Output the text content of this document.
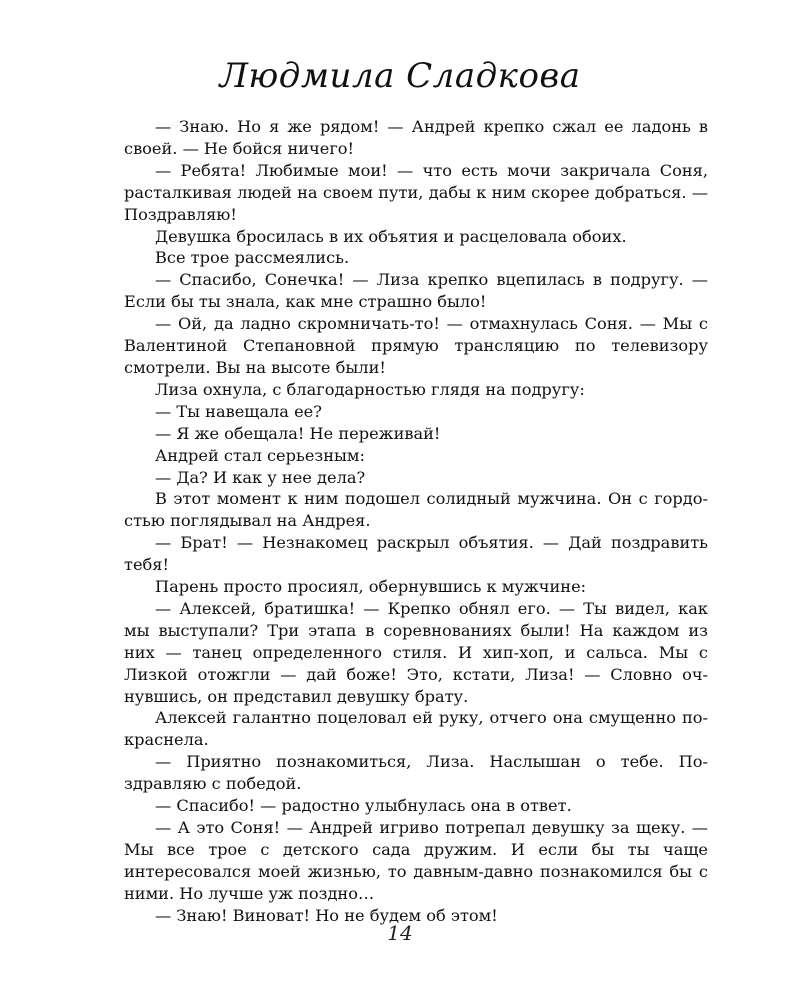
Людмила Сладкова

— Знаю. Но я же рядом! — Андрей крепко сжал ее ладонь в своей. — Не бойся ничего!

— Ребята! Любимые мои! — что есть мочи закричала Соня, расталкивая людей на своем пути, дабы к ним скорее добраться. — Поздравляю!

Девушка бросилась в их объятия и расцеловала обоих.

Все трое рассмеялись.

— Спасибо, Сонечка! — Лиза крепко вцепилась в подругу. — Если бы ты знала, как мне страшно было!

— Ой, да ладно скромничать-то! — отмахнулась Соня. — Мы с Валентиной Степановной прямую трансляцию по телевизору смотрели. Вы на высоте были!

Лиза охнула, с благодарностью глядя на подругу:

— Ты навещала ее?

— Я же обещала! Не переживай!

Андрей стал серьезным:

— Да? И как у нее дела?

В этот момент к ним подошел солидный мужчина. Он с гордостью поглядывал на Андрея.

— Брат! — Незнакомец раскрыл объятия. — Дай поздравить тебя!

Парень просто просиял, обернувшись к мужчине:

— Алексей, братишка! — Крепко обнял его. — Ты видел, как мы выступали? Три этапа в соревнованиях были! На каждом из них — танец определенного стиля. И хип-хоп, и сальса. Мы с Лизкой отожгли — дай боже! Это, кстати, Лиза! — Словно очнувшись, он представил девушку брату.

Алексей галантно поцеловал ей руку, отчего она смущенно покраснела.

— Приятно познакомиться, Лиза. Наслышан о тебе. Поздравляю с победой.

— Спасибо! — радостно улыбнулась она в ответ.

— А это Соня! — Андрей игриво потрепал девушку за щеку. — Мы все трое с детского сада дружим. И если бы ты чаще интересовался моей жизнью, то давным-давно познакомился бы с ними. Но лучше уж поздно…

— Знаю! Виноват! Но не будем об этом!

14
